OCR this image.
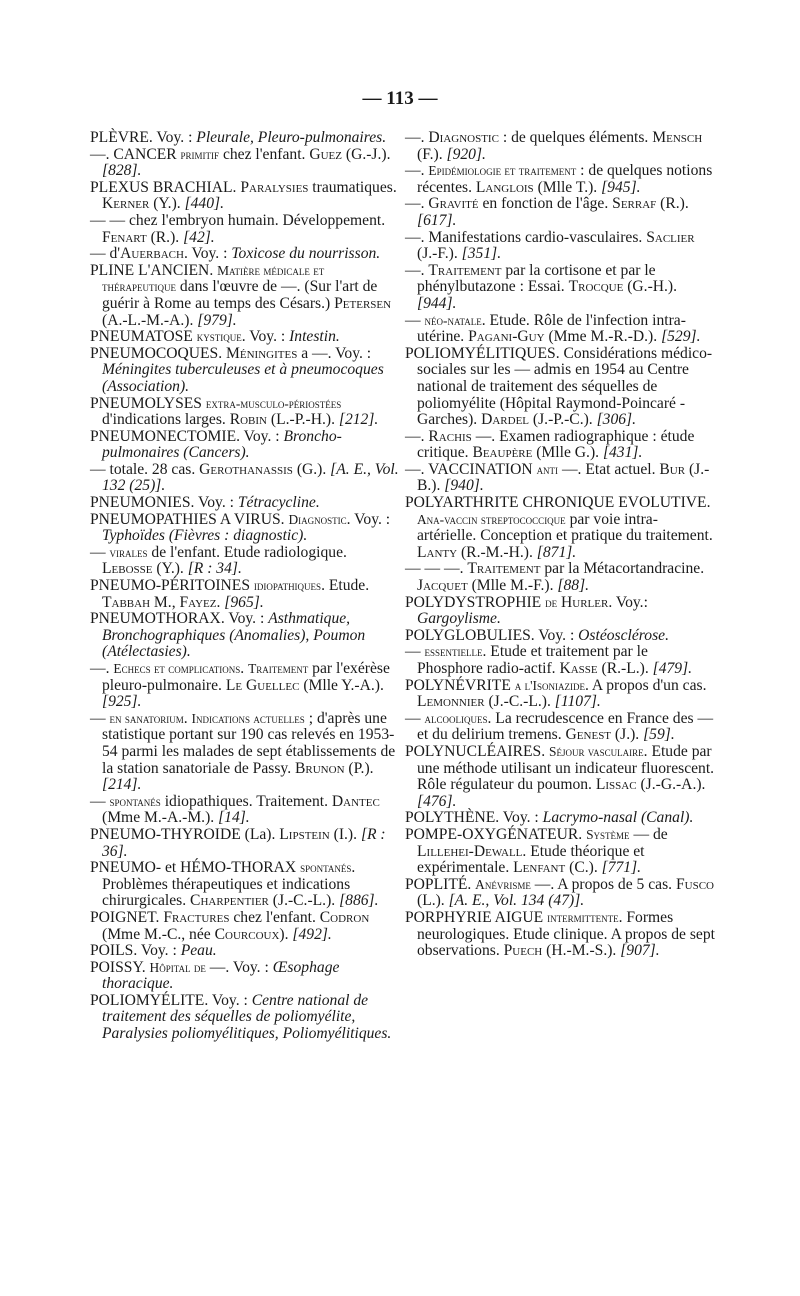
— 113 —

PLÈVRE. Voy. : Pleurale, Pleuro-pulmonaires.

—. CANCER primitif chez l'enfant. Guez (G.-J.). [828].

PLEXUS BRACHIAL. Paralysies traumatiques. Kerner (Y.). [440].

— — chez l'embryon humain. Développement. Fenart (R.). [42].

— d'Auerbach. Voy. : Toxicose du nourrisson.

PLINE L'ANCIEN. Matière médicale et thérapeutique dans l'œuvre de —. (Sur l'art de guérir à Rome au temps des Césars.) Petersen (A.-L.-M.-A.). [979].

PNEUMATOSE kystique. Voy. : Intestin.

PNEUMOCOQUES. Méningites a —. Voy. : Méningites tuberculeuses et à pneumocoques (Association).

PNEUMOLYSES extra-musculo-périostées d'indications larges. Robin (L.-P.-H.). [212].

PNEUMONECTOMIE. Voy. : Broncho-pulmonaires (Cancers).

— totale. 28 cas. Gerothanassis (G.). [A. E., Vol. 132 (25)].

PNEUMONIES. Voy. : Tétracycline.

PNEUMOPATHIES A VIRUS. Diagnostic. Voy. : Typhoïdes (Fièvres : diagnostic).

— virales de l'enfant. Etude radiologique. Lebosse (Y.). [R : 34].

PNEUMO-PÉRITOINES idiopathiques. Etude. Tabbah M., Fayez. [965].

PNEUMOTHORAX. Voy. : Asthmatique, Bronchographiques (Anomalies), Poumon (Atélectasies).

—. Echecs et complications. Traitement par l'exérèse pleuro-pulmonaire. Le Guellec (Mlle Y.-A.). [925].

— en sanatorium. Indications actuelles ; d'après une statistique portant sur 190 cas relevés en 1953-54 parmi les malades de sept établissements de la station sanatoriale de Passy. Brunon (P.). [214].

— spontanés idiopathiques. Traitement. Dantec (Mme M.-A.-M.). [14].

PNEUMO-THYROIDE (La). Lipstein (I.). [R : 36].

PNEUMO- et HÉMO-THORAX spontanés. Problèmes thérapeutiques et indications chirurgicales. Charpentier (J.-C.-L.). [886].

POIGNET. Fractures chez l'enfant. Codron (Mme M.-C., née Courcoux). [492].

POILS. Voy. : Peau.

POISSY. Hôpital de —. Voy. : Œsophage thoracique.

POLIOMYÉLITE. Voy. : Centre national de traitement des séquelles de poliomyélite, Paralysies poliomyélitiques, Poliomyélitiques.

—. Diagnostic : de quelques éléments. Mensch (F.). [920].

—. Epidémiologie et traitement : de quelques notions récentes. Langlois (Mlle T.). [945].

—. Gravité en fonction de l'âge. Serraf (R.). [617].

—. Manifestations cardio-vasculaires. Saclier (J.-F.). [351].

—. Traitement par la cortisone et par le phénylbutazone : Essai. Trocque (G.-H.). [944].

— néo-natale. Etude. Rôle de l'infection intra-utérine. Pagani-Guy (Mme M.-R.-D.). [529].

POLIOMYÉLITIQUES. Considérations médico-sociales sur les — admis en 1954 au Centre national de traitement des séquelles de poliomyélite (Hôpital Raymond-Poincaré - Garches). Dardel (J.-P.-C.). [306].

—. Rachis —. Examen radiographique : étude critique. Beaupère (Mlle G.). [431].

—. VACCINATION anti —. Etat actuel. Bur (J.-B.). [940].

POLYARTHRITE CHRONIQUE EVOLUTIVE. Ana-vaccin streptococcique par voie intra-artérielle. Conception et pratique du traitement. Lanty (R.-M.-H.). [871].

— — —. Traitement par la Métacortandracine. Jacquet (Mlle M.-F.). [88].

POLYDYSTROPHIE de Hurler. Voy.: Gargoylisme.

POLYGLOBULIES. Voy. : Ostéosclérose.

— essentielle. Etude et traitement par le Phosphore radio-actif. Kasse (R.-L.). [479].

POLYNÉVRITE a l'Isoniazide. A propos d'un cas. Lemonnier (J.-C.-L.). [1107].

— alcooliques. La recrudescence en France des — et du delirium tremens. Genest (J.). [59].

POLYNUCLÉAIRES. Séjour vasculaire. Etude par une méthode utilisant un indicateur fluorescent. Rôle régulateur du poumon. Lissac (J.-G.-A.). [476].

POLYTHÈNE. Voy. : Lacrymo-nasal (Canal).

POMPE-OXYGÉNATEUR. Système — de Lillehei-Dewall. Etude théorique et expérimentale. Lenfant (C.). [771].

POPLITÉ. Anévrisme —. A propos de 5 cas. Fusco (L.). [A. E., Vol. 134 (47)].

PORPHYRIE AIGUE intermittente. Formes neurologiques. Etude clinique. A propos de sept observations. Puech (H.-M.-S.). [907].
